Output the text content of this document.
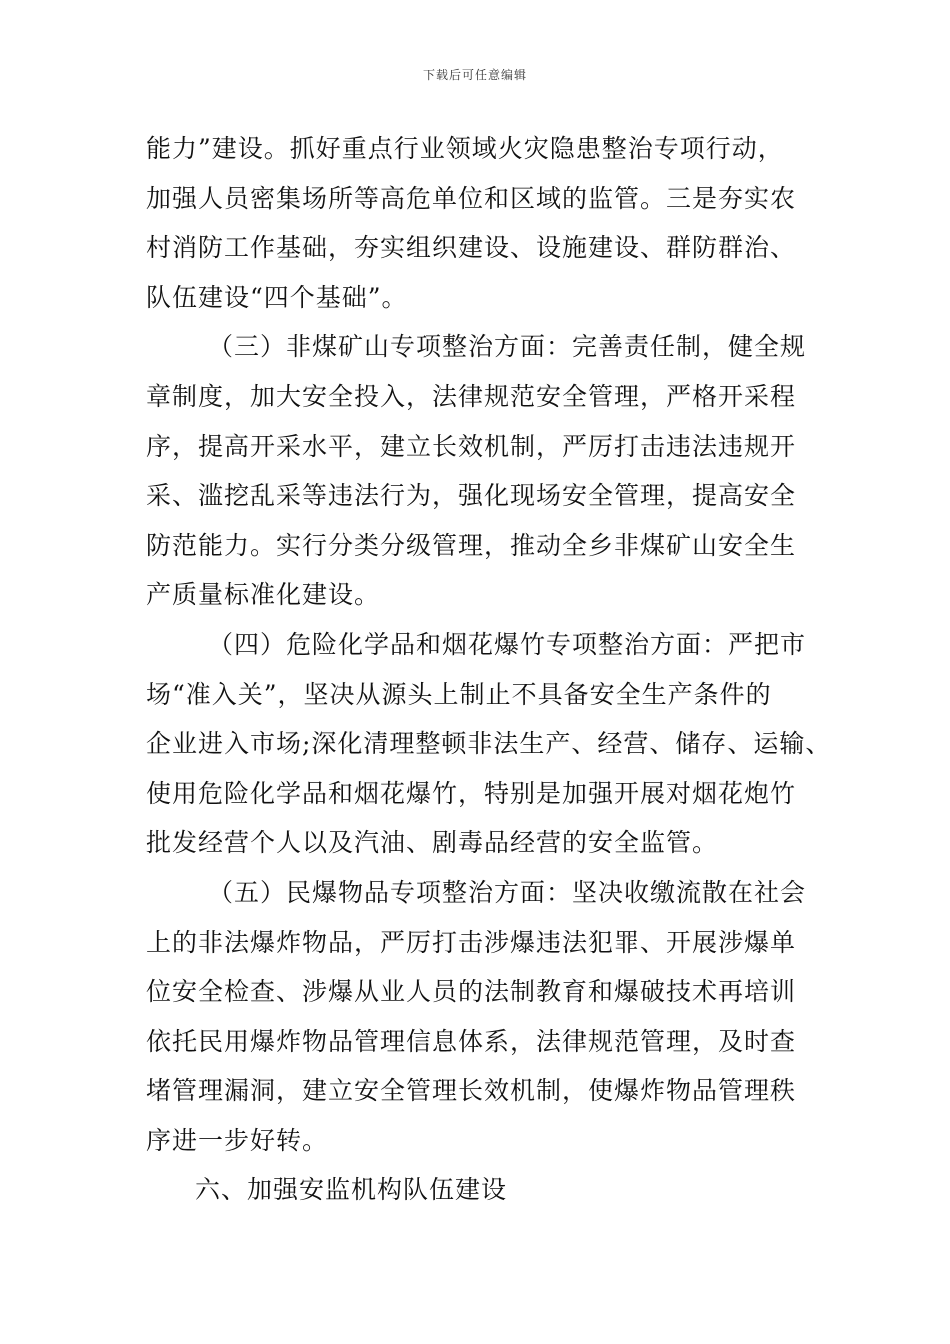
下载后可任意编辑
能力”建设。抓好重点行业领域火灾隐患整治专项行动，
加强人员密集场所等高危单位和区域的监管。三是夯实农
村消防工作基础，夯实组织建设、设施建设、群防群治、
队伍建设“四个基础”。
（三）非煤矿山专项整治方面：完善责任制，健全规
章制度，加大安全投入，法律规范安全管理，严格开采程
序，提高开采水平，建立长效机制，严厉打击违法违规开
采、滥挖乱采等违法行为，强化现场安全管理，提高安全
防范能力。实行分类分级管理，推动全乡非煤矿山安全生
产质量标准化建设。
（四）危险化学品和烟花爆竹专项整治方面：严把市
场“准入关”，坚决从源头上制止不具备安全生产条件的
企业进入市场;深化清理整顿非法生产、经营、储存、运输、
使用危险化学品和烟花爆竹，特别是加强开展对烟花炮竹
批发经营个人以及汽油、剧毒品经营的安全监管。
（五）民爆物品专项整治方面：坚决收缴流散在社会
上的非法爆炸物品，严厉打击涉爆违法犯罪、开展涉爆单
位安全检查、涉爆从业人员的法制教育和爆破技术再培训
依托民用爆炸物品管理信息体系，法律规范管理，及时查
堵管理漏洞，建立安全管理长效机制，使爆炸物品管理秩
序进一步好转。
六、加强安监机构队伍建设
